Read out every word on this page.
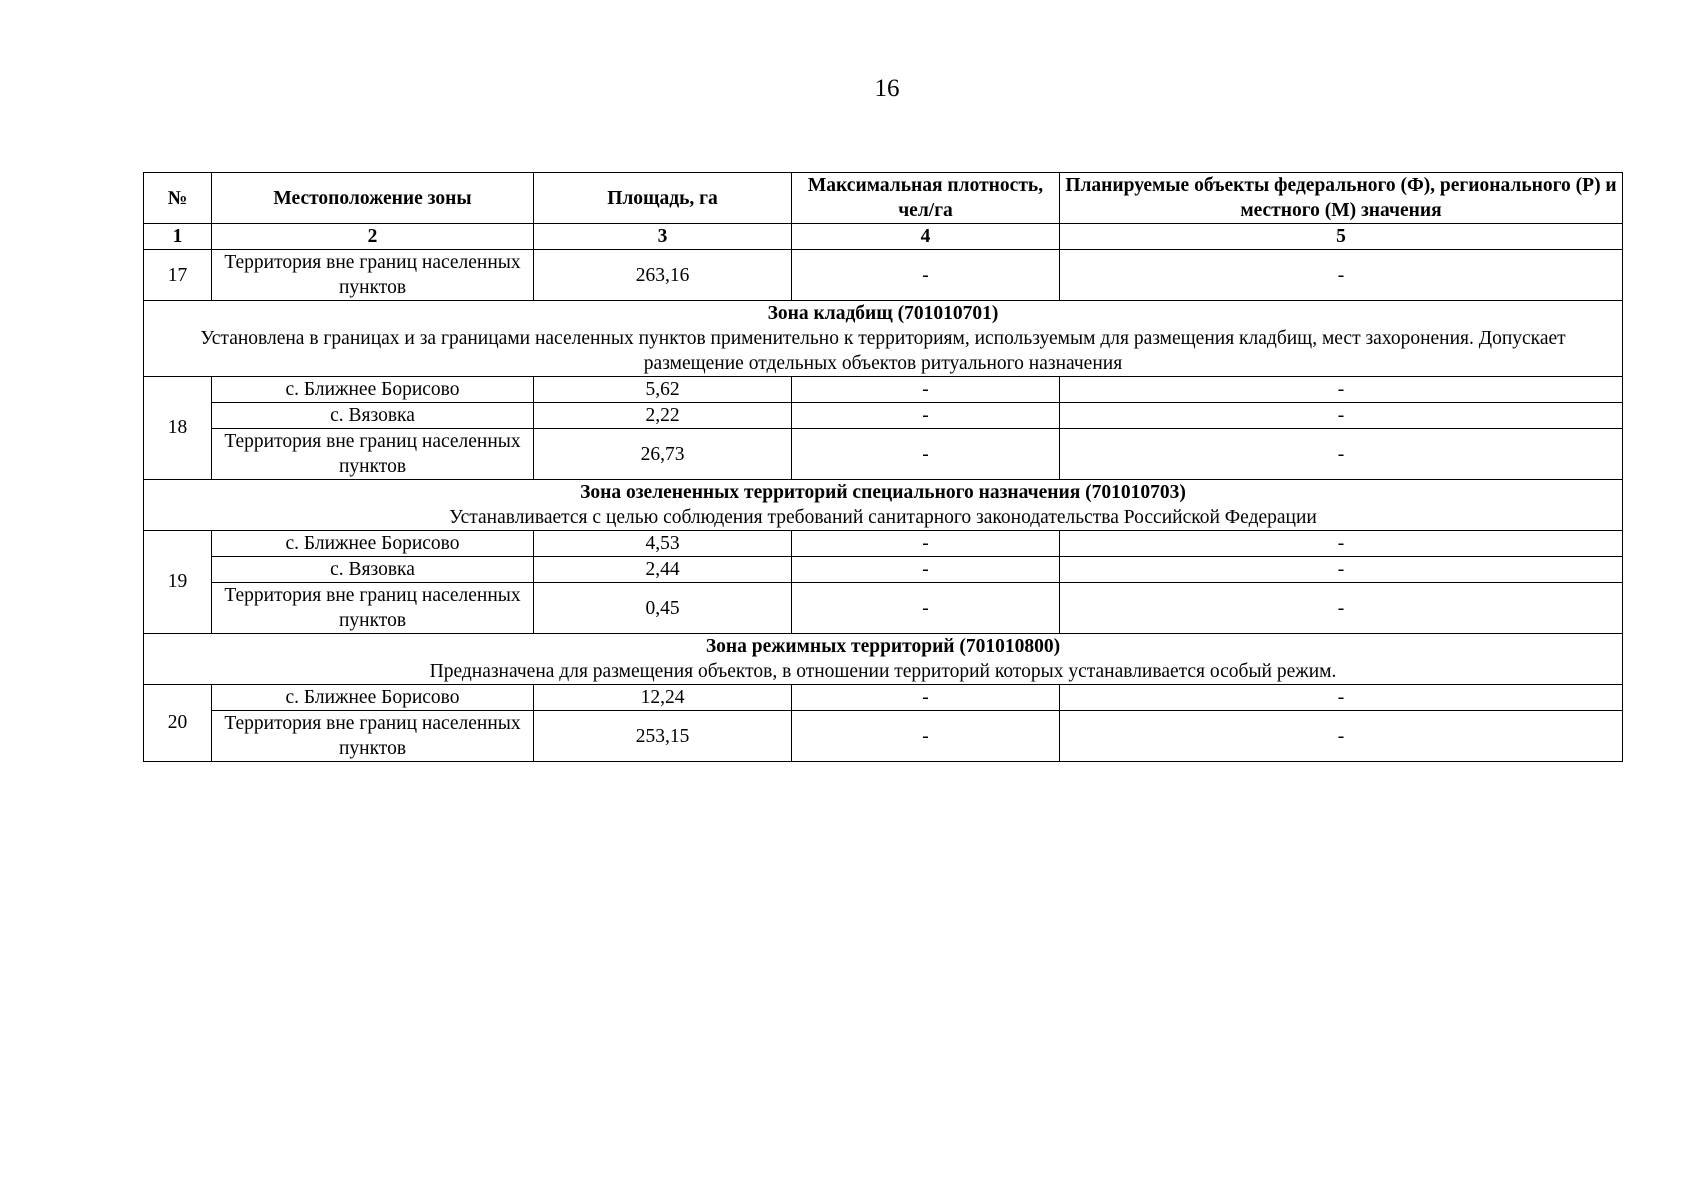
16
№	Местоположение зоны	Площадь, га	Максимальная плотность, чел/га	Планируемые объекты федерального (Ф), регионального (Р) и местного (М) значения
1	2	3	4	5
17	Территория вне границ населенных пунктов	263,16	-	-

Зона кладбищ (701010701)
Установлена в границах и за границами населенных пунктов применительно к территориям, используемым для размещения кладбищ, мест захоронения. Допускает размещение отдельных объектов ритуального назначения				

18	с. Ближнее Борисово	5,62	-	-
	с. Вязовка	2,22	-	-
	Территория вне границ населенных пунктов	26,73	-	-

Зона озелененных территорий специального назначения (701010703)
Устанавливается с целью соблюдения требований санитарного законодательства Российской Федерации				

19	с. Ближнее Борисово	4,53	-	-
	с. Вязовка	2,44	-	-
	Территория вне границ населенных пунктов	0,45	-	-

Зона режимных территорий (701010800)
Предназначена для размещения объектов, в отношении территорий которых устанавливается особый режим.				

20	с. Ближнее Борисово	12,24	-	-
	Территория вне границ населенных пунктов	253,15	-	-
